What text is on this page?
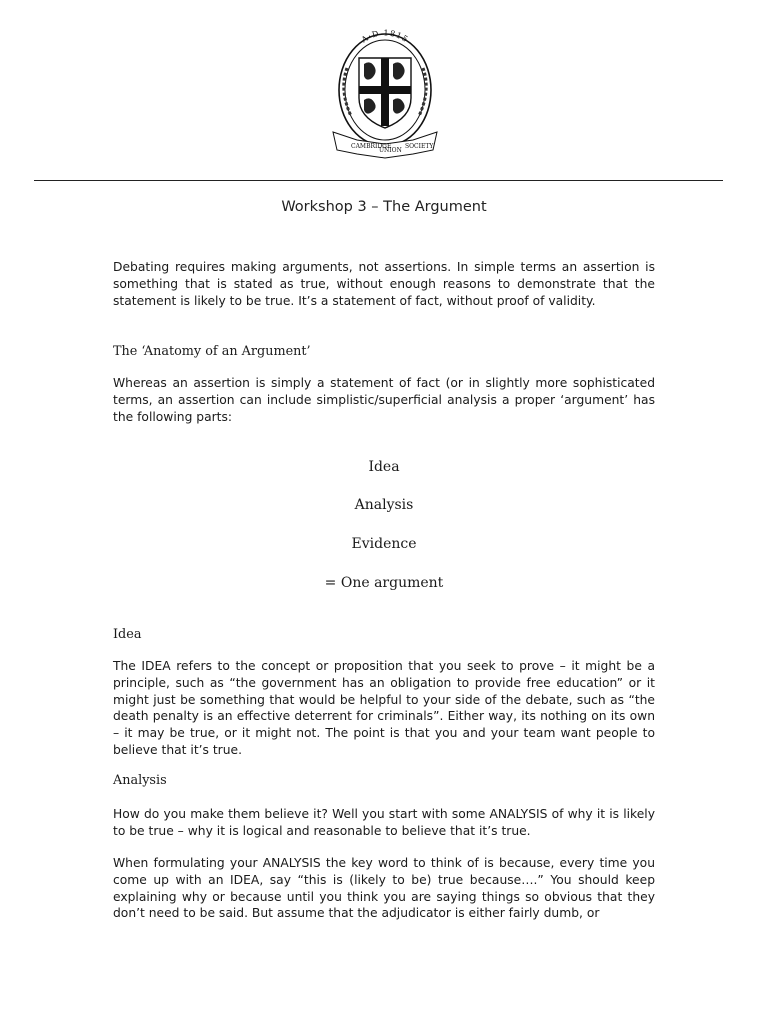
A·D 1815
CAMBRIDGE
UNION
SOCIETY
Workshop 3 – The Argument

Debating requires making arguments, not assertions. In simple terms an assertion is something that is stated as true, without enough reasons to demonstrate that the statement is likely to be true. It’s a statement of fact, without proof of validity.

The ‘Anatomy of an Argument’

Whereas an assertion is simply a statement of fact (or in slightly more sophisticated terms, an assertion can include simplistic/superficial analysis a proper ‘argument’ has the following parts:

Idea
Analysis
Evidence
= One argument

Idea

The IDEA refers to the concept or proposition that you seek to prove – it might be a principle, such as “the government has an obligation to provide free education” or it might just be something that would be helpful to your side of the debate, such as “the death penalty is an effective deterrent for criminals”. Either way, its nothing on its own – it may be true, or it might not. The point is that you and your team want people to believe that it’s true.

Analysis

How do you make them believe it? Well you start with some ANALYSIS of why it is likely to be true – why it is logical and reasonable to believe that it’s true.

When formulating your ANALYSIS the key word to think of is because, every time you come up with an IDEA, say “this is (likely to be) true because….” You should keep explaining why or because until you think you are saying things so obvious that they don’t need to be said. But assume that the adjudicator is either fairly dumb, or
